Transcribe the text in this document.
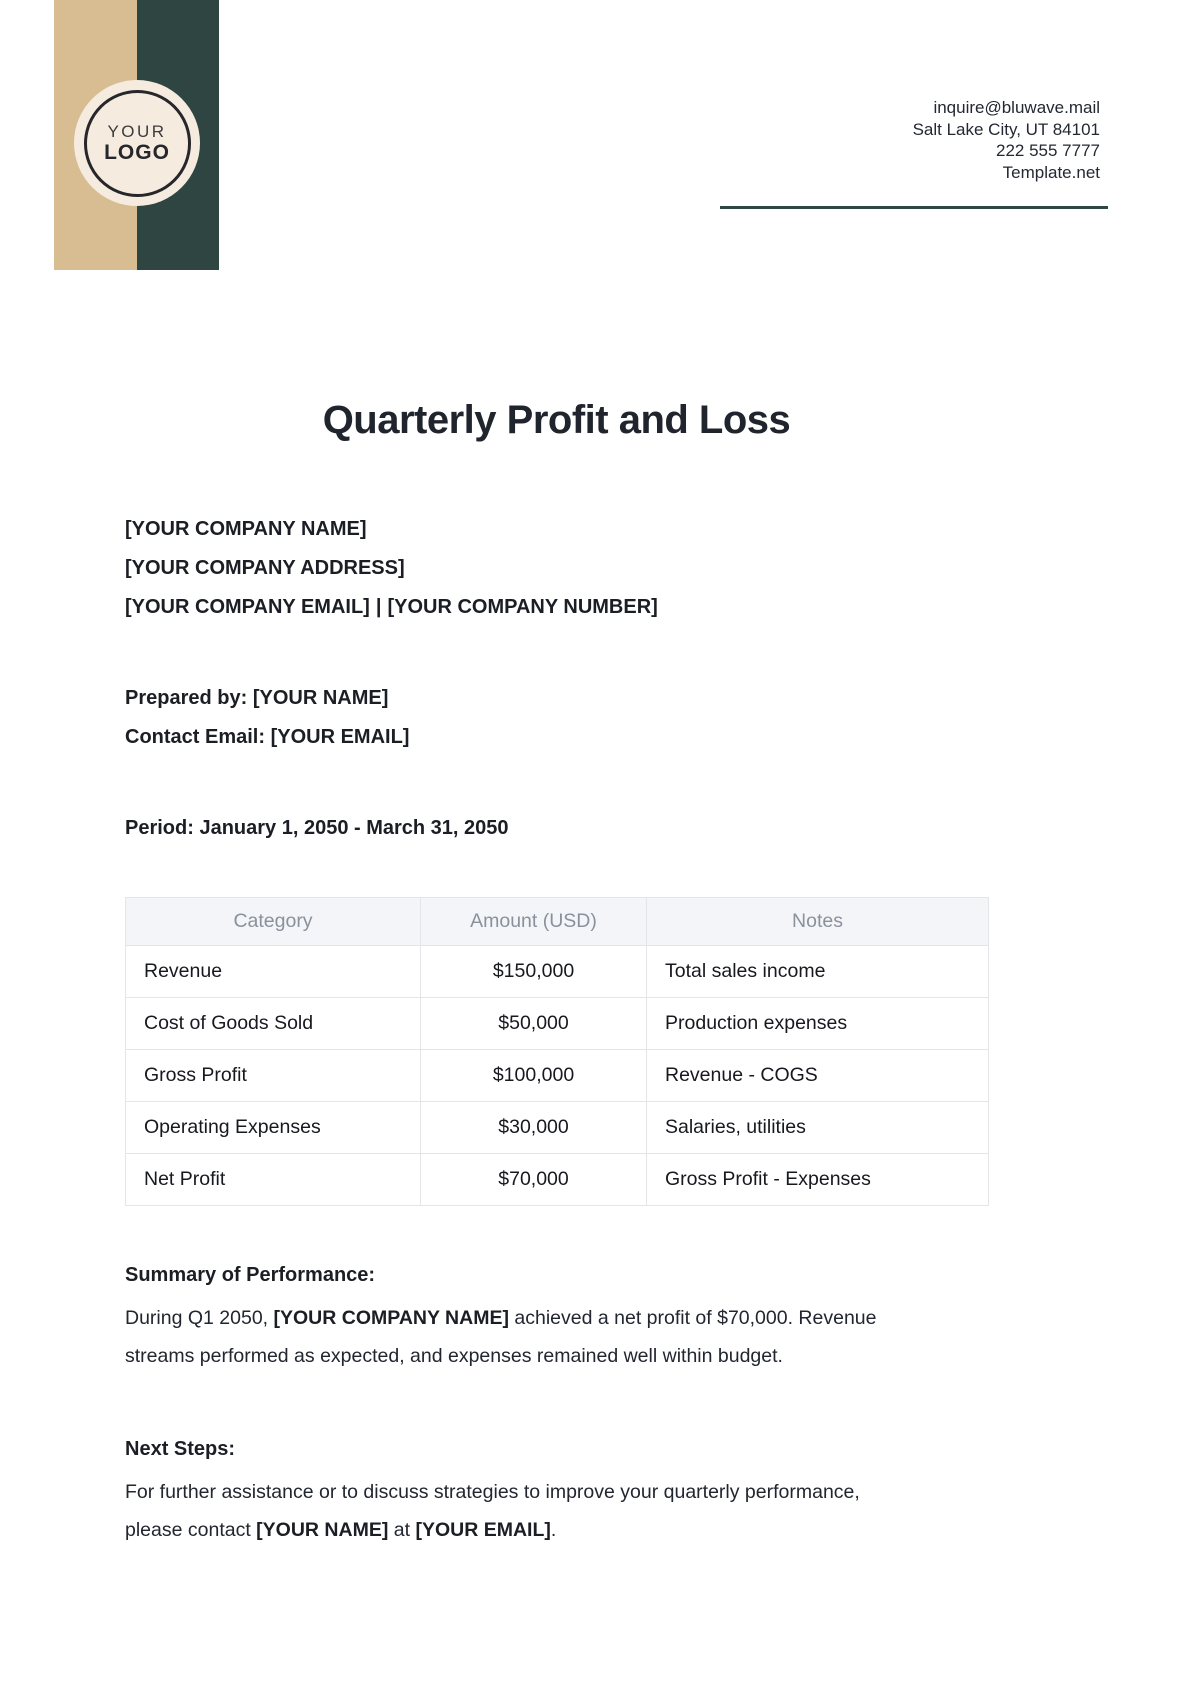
YOUR
LOGO
inquire@bluwave.mail
Salt Lake City, UT 84101
222 555 7777
Template.net
Quarterly Profit and Loss
[YOUR COMPANY NAME]
[YOUR COMPANY ADDRESS]
[YOUR COMPANY EMAIL] | [YOUR COMPANY NUMBER]
Prepared by: [YOUR NAME]
Contact Email: [YOUR EMAIL]
Period: January 1, 2050 - March 31, 2050
Category	Amount (USD)	Notes
Revenue	$150,000	Total sales income
Cost of Goods Sold	$50,000	Production expenses
Gross Profit	$100,000	Revenue - COGS
Operating Expenses	$30,000	Salaries, utilities
Net Profit	$70,000	Gross Profit - Expenses
Summary of Performance:
During Q1 2050, [YOUR COMPANY NAME] achieved a net profit of $70,000. Revenue
streams performed as expected, and expenses remained well within budget.
Next Steps:
For further assistance or to discuss strategies to improve your quarterly performance,
please contact [YOUR NAME] at [YOUR EMAIL].
